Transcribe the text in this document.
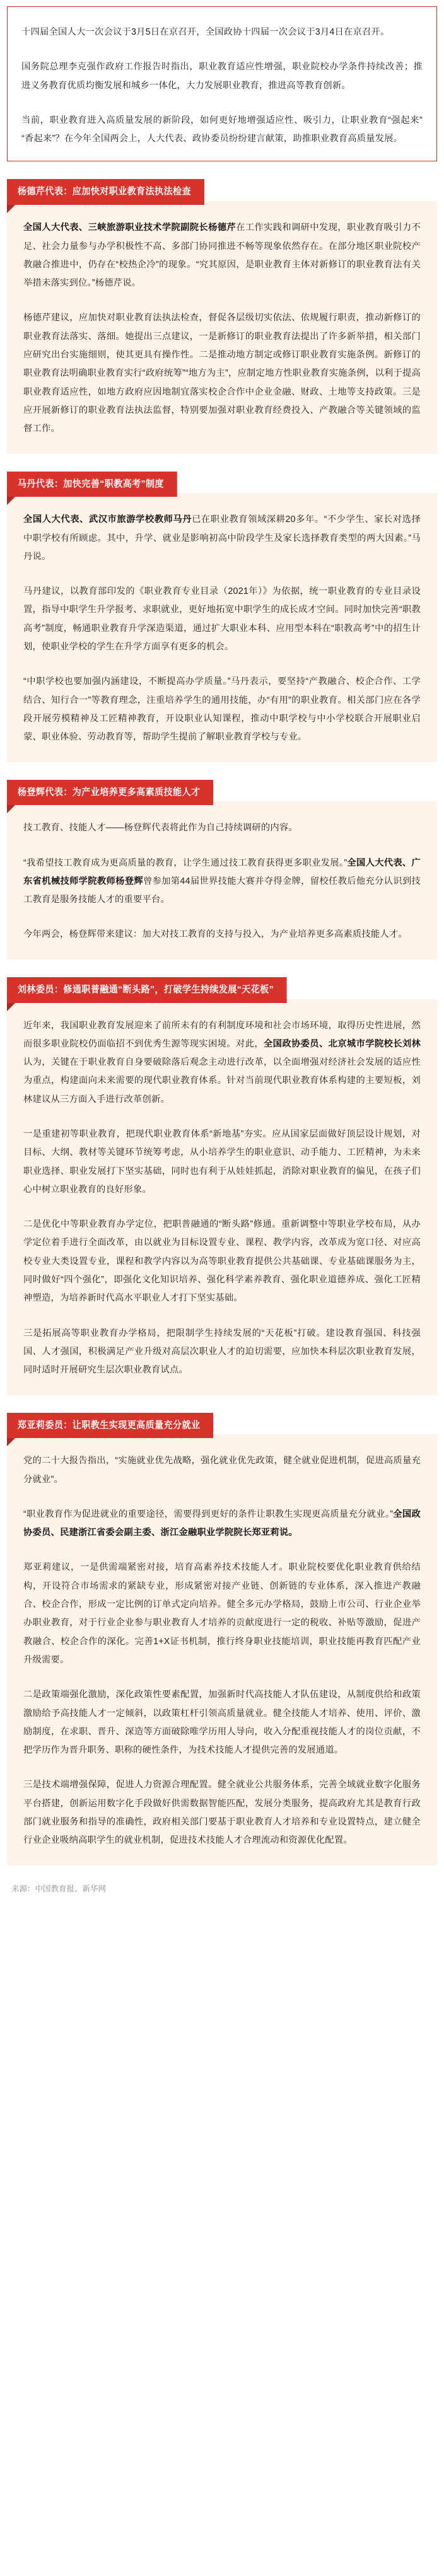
十四届全国人大一次会议于3月5日在京召开，全国政协十四届一次会议于3月4日在京召开。

国务院总理李克强作政府工作报告时指出，职业教育适应性增强，职业院校办学条件持续改善；推进义务教育优质均衡发展和城乡一体化，大力发展职业教育，推进高等教育创新。

当前，职业教育进入高质量发展的新阶段，如何更好地增强适应性、吸引力，让职业教育“强起来”“香起来”？在今年全国两会上，人大代表、政协委员纷纷建言献策，助推职业教育高质量发展。

杨德芹代表：应加快对职业教育法执法检查

全国人大代表、三峡旅游职业技术学院副院长杨德芹在工作实践和调研中发现，职业教育吸引力不足、社会力量参与办学积极性不高、多部门协同推进不畅等现象依然存在。在部分地区职业院校产教融合推进中，仍存在“校热企冷”的现象。“究其原因，是职业教育主体对新修订的职业教育法有关举措未落实到位。”杨德芹说。

杨德芹建议，应加快对职业教育法执法检查，督促各层级切实依法、依规履行职责，推动新修订的职业教育法落实、落细。她提出三点建议，一是新修订的职业教育法提出了许多新举措，相关部门应研究出台实施细则，使其更具有操作性。二是推动地方制定或修订职业教育实施条例。新修订的职业教育法明确职业教育实行“政府统筹”“地方为主”，应制定地方性职业教育实施条例，以利于提高职业教育适应性，如地方政府应因地制宜落实校企合作中企业金融、财政、土地等支持政策。三是应开展新修订的职业教育法执法监督，特别要加强对职业教育经费投入、产教融合等关键领域的监督工作。

马丹代表：加快完善“职教高考”制度

全国人大代表、武汉市旅游学校教师马丹已在职业教育领域深耕20多年。“不少学生、家长对选择中职学校有所顾虑。其中，升学、就业是影响初高中阶段学生及家长选择教育类型的两大因素。”马丹说。

马丹建议，以教育部印发的《职业教育专业目录（2021年）》为依据，统一职业教育的专业目录设置，指导中职学生升学报考、求职就业，更好地拓宽中职学生的成长成才空间。同时加快完善“职教高考”制度，畅通职业教育升学深造渠道，通过扩大职业本科、应用型本科在“职教高考”中的招生计划，使职业学校的学生在升学方面享有更多的机会。

“中职学校也要加强内涵建设，不断提高办学质量。”马丹表示，要坚持“产教融合、校企合作、工学结合、知行合一”等教育理念，注重培养学生的通用技能，办“有用”的职业教育。相关部门应在各学段开展劳模精神及工匠精神教育，开设职业认知课程，推动中职学校与中小学校联合开展职业启蒙、职业体验、劳动教育等，帮助学生提前了解职业教育学校与专业。

杨登辉代表：为产业培养更多高素质技能人才

技工教育、技能人才——杨登辉代表将此作为自己持续调研的内容。

“我希望技工教育成为更高质量的教育，让学生通过技工教育获得更多职业发展。”全国人大代表、广东省机械技师学院教师杨登辉曾参加第44届世界技能大赛并夺得金牌，留校任教后他充分认识到技工教育是服务技能人才的重要平台。

今年两会，杨登辉带来建议：加大对技工教育的支持与投入，为产业培养更多高素质技能人才。

刘林委员：修通职普融通“断头路”，打破学生持续发展“天花板”

近年来，我国职业教育发展迎来了前所未有的有利制度环境和社会市场环境，取得历史性进展，然而很多职业院校仍面临招不到优秀生源等现实困境。对此，全国政协委员、北京城市学院校长刘林认为，关键在于职业教育自身要破除落后观念主动进行改革，以全面增强对经济社会发展的适应性为重点，构建面向未来需要的现代职业教育体系。针对当前现代职业教育体系构建的主要短板，刘林建议从三方面入手进行改革创新。

一是重建初等职业教育，把现代职业教育体系“新地基”夯实。应从国家层面做好顶层设计规划，对目标、大纲、教材等关键环节统筹考虑，从小培养学生的职业意识、动手能力、工匠精神，为未来职业选择、职业发展打下坚实基础，同时也有利于从娃娃抓起，消除对职业教育的偏见，在孩子们心中树立职业教育的良好形象。

二是优化中等职业教育办学定位，把职普融通的“断头路”修通。重新调整中等职业学校布局，从办学定位着手进行全面改革，由以就业为目标设置专业、课程、教学内容，改革成为宽口径、对应高校专业大类设置专业，课程和教学内容以为高等职业教育提供公共基础课、专业基础课服务为主，同时做好“四个强化”，即强化文化知识培养、强化科学素养教育、强化职业道德养成、强化工匠精神塑造，为培养新时代高水平职业人才打下坚实基础。

三是拓展高等职业教育办学格局，把限制学生持续发展的“天花板”打破。建设教育强国、科技强国、人才强国，积极满足产业升级对高层次职业人才的迫切需要，应加快本科层次职业教育发展，同时适时开展研究生层次职业教育试点。

郑亚莉委员：让职教生实现更高质量充分就业

党的二十大报告指出，“实施就业优先战略，强化就业优先政策，健全就业促进机制，促进高质量充分就业”。

“职业教育作为促进就业的重要途径，需要得到更好的条件让职教生实现更高质量充分就业。”全国政协委员、民建浙江省委会副主委、浙江金融职业学院院长郑亚莉说。

郑亚莉建议，一是供需端紧密对接，培育高素养技术技能人才。职业院校要优化职业教育供给结构，开设符合市场需求的紧缺专业，形成紧密对接产业链、创新链的专业体系，深入推进产教融合、校企合作，形成一定比例的订单式定向培养。健全多元办学格局，鼓励上市公司、行业企业举办职业教育，对于行业企业参与职业教育人才培养的贡献度进行一定的税收、补贴等激励，促进产教融合、校企合作的深化。完善1+X证书机制，推行终身职业技能培训，职业技能再教育匹配产业升级需要。

二是政策端强化激励，深化政策性要素配置，加强新时代高技能人才队伍建设，从制度供给和政策激励给予高技能人才一定倾斜，以政策杠杆引领高质量就业。健全技能人才培养、使用、评价、激励制度，在求职、晋升、深造等方面破除唯学历用人导向，收入分配重视技能人才的岗位贡献，不把学历作为晋升职务、职称的硬性条件，为技术技能人才提供完善的发展通道。

三是技术端增强保障，促进人力资源合理配置。健全就业公共服务体系，完善全域就业数字化服务平台搭建，创新运用数字化手段做好供需数据智能匹配，发展分类服务，提高政府尤其是教育行政部门就业服务和指导的准确性，政府相关部门要基于职业教育人才培养和专业设置特点，建立健全行业企业吸纳高职学生的就业机制，促进技术技能人才合理流动和资源优化配置。

来源：中国教育报、新华网
